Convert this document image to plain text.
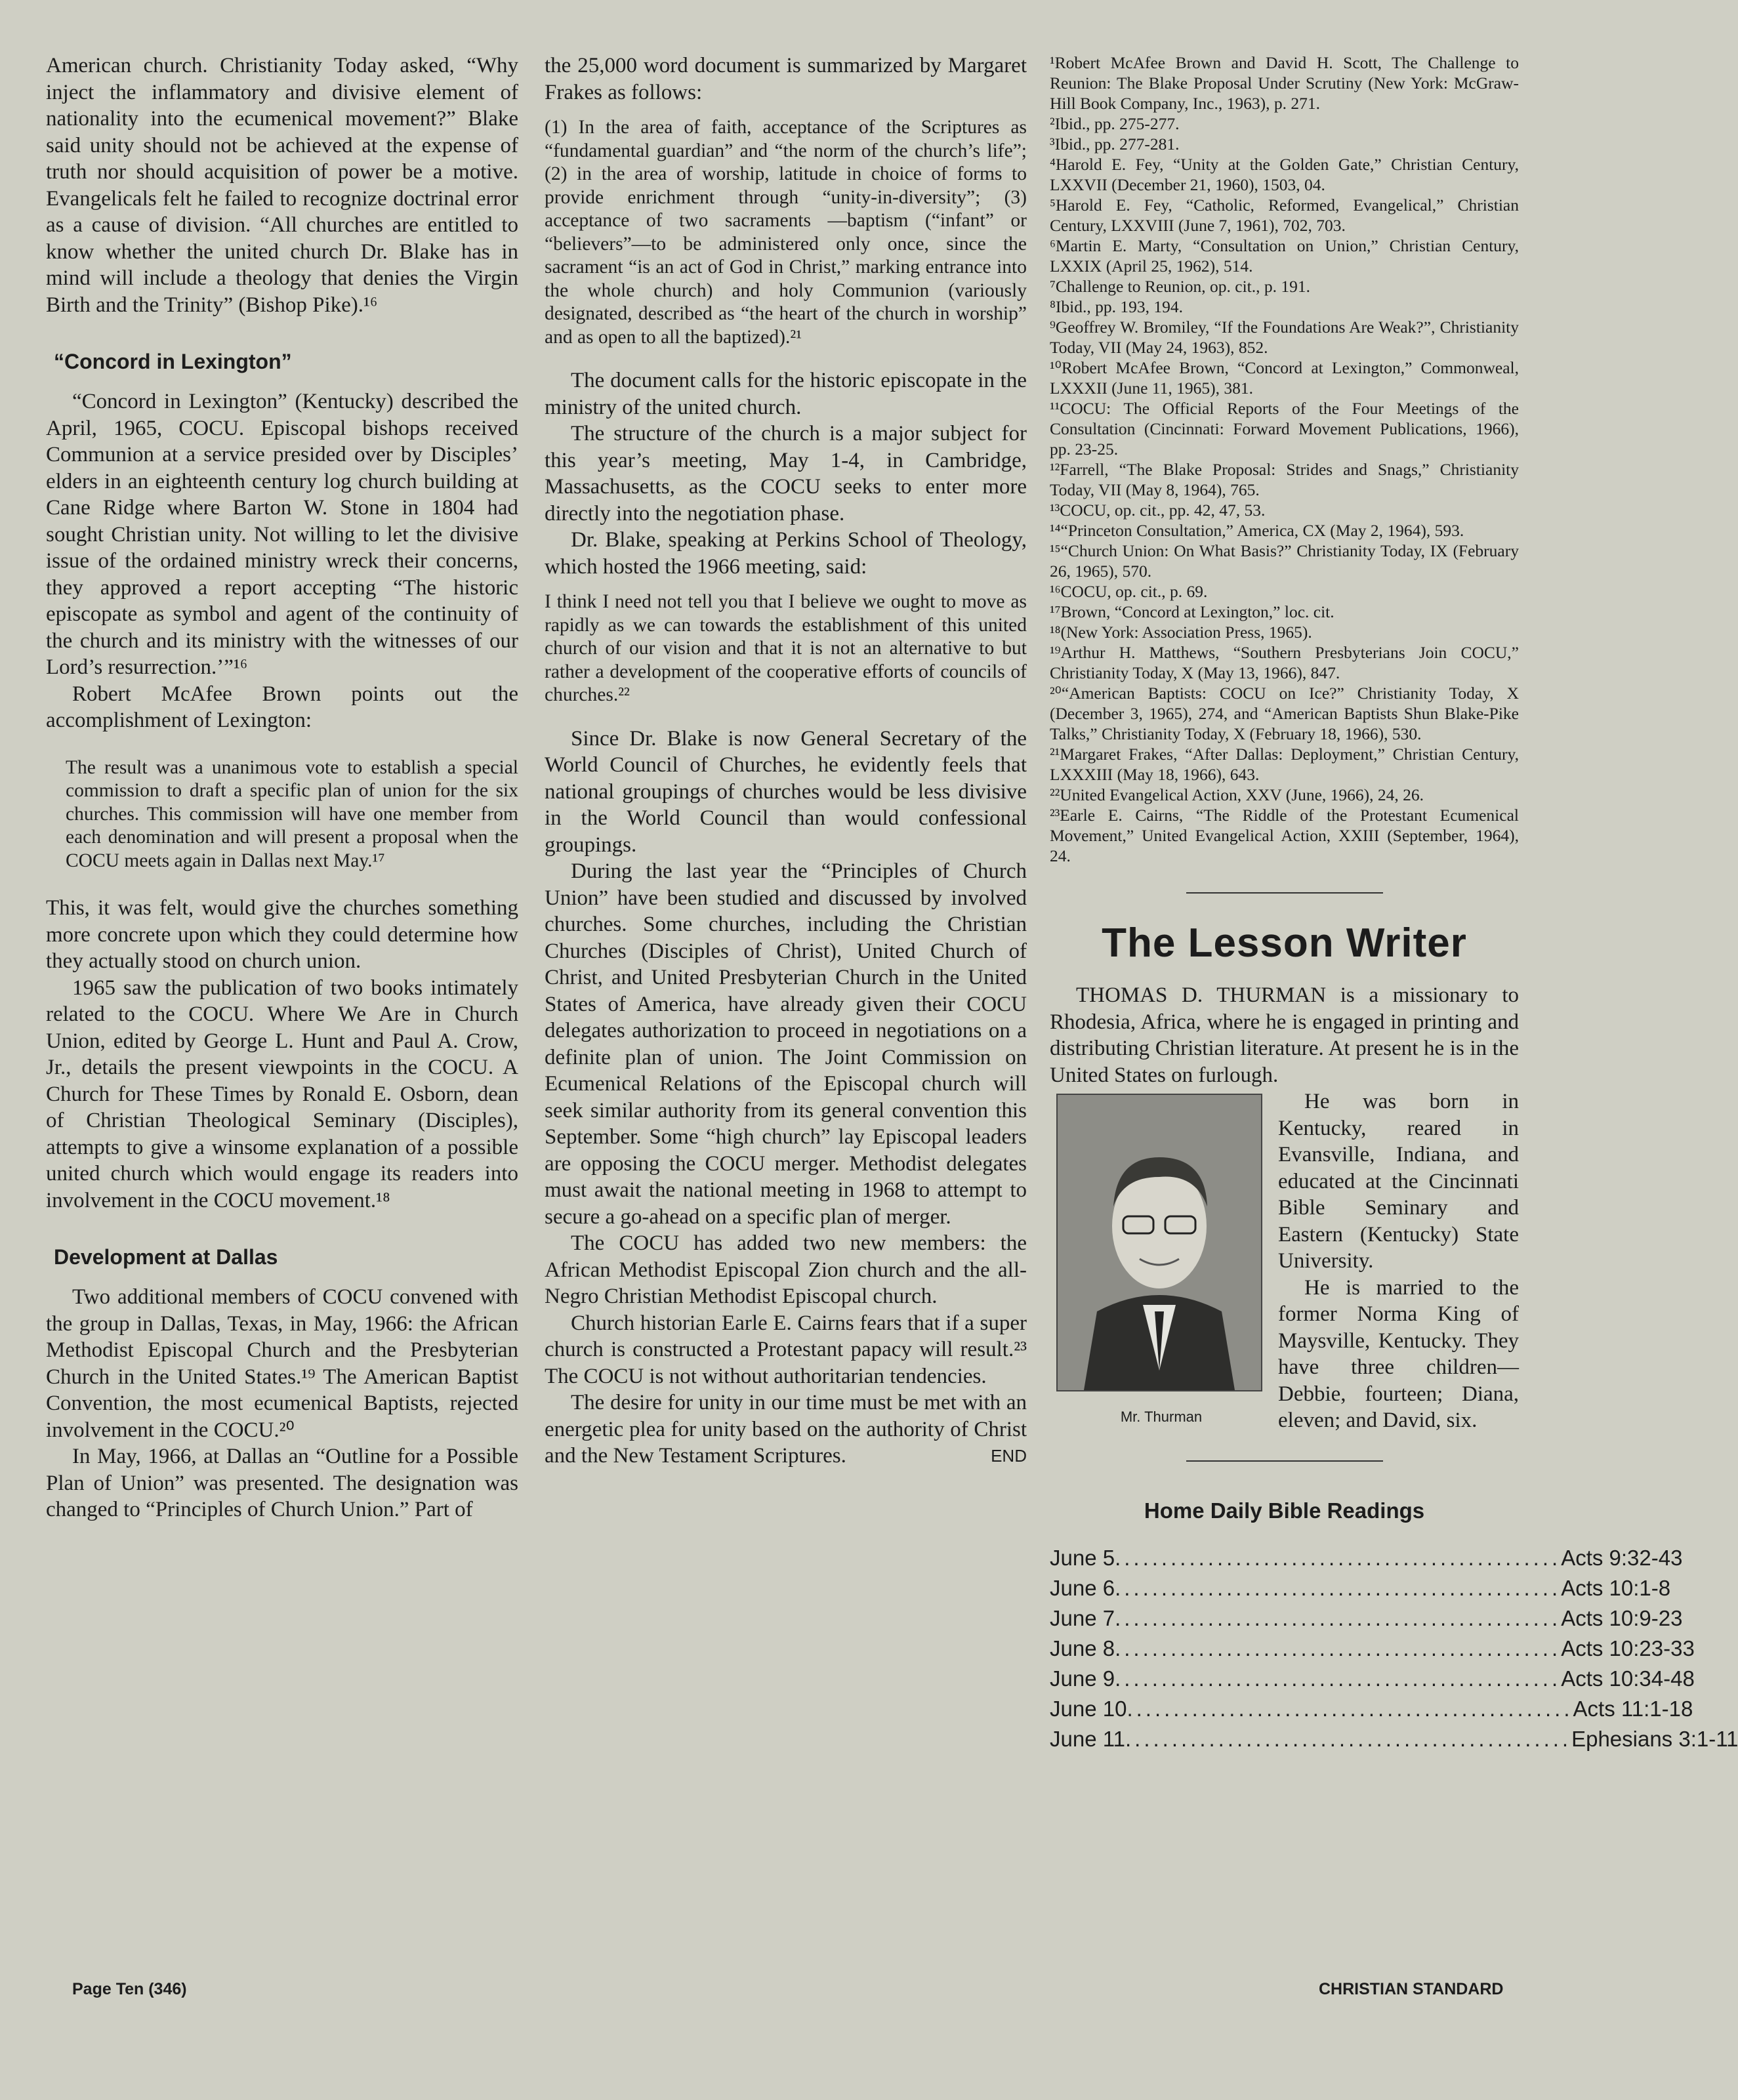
American church. Christianity Today asked, “Why inject the inflammatory and divisive element of nationality into the ecumenical movement?” Blake said unity should not be achieved at the expense of truth nor should acquisition of power be a motive. Evangelicals felt he failed to recognize doctrinal error as a cause of division. “All churches are entitled to know whether the united church Dr. Blake has in mind will include a theology that denies the Virgin Birth and the Trinity” (Bishop Pike).¹⁶

“Concord in Lexington”

“Concord in Lexington” (Kentucky) described the April, 1965, COCU. Episcopal bishops received Communion at a service presided over by Disciples’ elders in an eighteenth century log church building at Cane Ridge where Barton W. Stone in 1804 had sought Christian unity. Not willing to let the divisive issue of the ordained ministry wreck their concerns, they approved a report accepting “The historic episcopate as symbol and agent of the continuity of the church and its ministry with the witnesses of our Lord’s resurrection.’”¹⁶

Robert McAfee Brown points out the accomplishment of Lexington:

The result was a unanimous vote to establish a special commission to draft a specific plan of union for the six churches. This commission will have one member from each denomination and will present a proposal when the COCU meets again in Dallas next May.¹⁷

This, it was felt, would give the churches something more concrete upon which they could determine how they actually stood on church union.

1965 saw the publication of two books intimately related to the COCU. Where We Are in Church Union, edited by George L. Hunt and Paul A. Crow, Jr., details the present viewpoints in the COCU. A Church for These Times by Ronald E. Osborn, dean of Christian Theological Seminary (Disciples), attempts to give a winsome explanation of a possible united church which would engage its readers into involvement in the COCU movement.¹⁸

Development at Dallas

Two additional members of COCU convened with the group in Dallas, Texas, in May, 1966: the African Methodist Episcopal Church and the Presbyterian Church in the United States.¹⁹ The American Baptist Convention, the most ecumenical Baptists, rejected involvement in the COCU.²⁰

In May, 1966, at Dallas an “Outline for a Possible Plan of Union” was presented. The designation was changed to “Principles of Church Union.” Part of

the 25,000 word document is summarized by Margaret Frakes as follows:

(1) In the area of faith, acceptance of the Scriptures as “fundamental guardian” and “the norm of the church’s life”; (2) in the area of worship, latitude in choice of forms to provide enrichment through “unity-in-diversity”; (3) acceptance of two sacraments —baptism (“infant” or “believers”—to be administered only once, since the sacrament “is an act of God in Christ,” marking entrance into the whole church) and holy Communion (variously designated, described as “the heart of the church in worship” and as open to all the baptized).²¹

The document calls for the historic episcopate in the ministry of the united church.

The structure of the church is a major subject for this year’s meeting, May 1-4, in Cambridge, Massachusetts, as the COCU seeks to enter more directly into the negotiation phase.

Dr. Blake, speaking at Perkins School of Theology, which hosted the 1966 meeting, said:

I think I need not tell you that I believe we ought to move as rapidly as we can towards the establishment of this united church of our vision and that it is not an alternative to but rather a development of the cooperative efforts of councils of churches.²²

Since Dr. Blake is now General Secretary of the World Council of Churches, he evidently feels that national groupings of churches would be less divisive in the World Council than would confessional groupings.

During the last year the “Principles of Church Union” have been studied and discussed by involved churches. Some churches, including the Christian Churches (Disciples of Christ), United Church of Christ, and United Presbyterian Church in the United States of America, have already given their COCU delegates authorization to proceed in negotiations on a definite plan of union. The Joint Commission on Ecumenical Relations of the Episcopal church will seek similar authority from its general convention this September. Some “high church” lay Episcopal leaders are opposing the COCU merger. Methodist delegates must await the national meeting in 1968 to attempt to secure a go-ahead on a specific plan of merger.

The COCU has added two new members: the African Methodist Episcopal Zion church and the all-Negro Christian Methodist Episcopal church.

Church historian Earle E. Cairns fears that if a super church is constructed a Protestant papacy will result.²³ The COCU is not without authoritarian tendencies.

The desire for unity in our time must be met with an energetic plea for unity based on the authority of Christ and the New Testament Scriptures.	END

¹Robert McAfee Brown and David H. Scott, The Challenge to Reunion: The Blake Proposal Under Scrutiny (New York: McGraw-Hill Book Company, Inc., 1963), p. 271.

²Ibid., pp. 275-277.

³Ibid., pp. 277-281.

⁴Harold E. Fey, “Unity at the Golden Gate,” Christian Century, LXXVII (December 21, 1960), 1503, 04.

⁵Harold E. Fey, “Catholic, Reformed, Evangelical,” Christian Century, LXXVIII (June 7, 1961), 702, 703.

⁶Martin E. Marty, “Consultation on Union,” Christian Century, LXXIX (April 25, 1962), 514.

⁷Challenge to Reunion, op. cit., p. 191.

⁸Ibid., pp. 193, 194.

⁹Geoffrey W. Bromiley, “If the Foundations Are Weak?”, Christianity Today, VII (May 24, 1963), 852.

¹⁰Robert McAfee Brown, “Concord at Lexington,” Commonweal, LXXXII (June 11, 1965), 381.

¹¹COCU: The Official Reports of the Four Meetings of the Consultation (Cincinnati: Forward Movement Publications, 1966), pp. 23-25.

¹²Farrell, “The Blake Proposal: Strides and Snags,” Christianity Today, VII (May 8, 1964), 765.

¹³COCU, op. cit., pp. 42, 47, 53.

¹⁴“Princeton Consultation,” America, CX (May 2, 1964), 593.

¹⁵“Church Union: On What Basis?” Christianity Today, IX (February 26, 1965), 570.

¹⁶COCU, op. cit., p. 69.

¹⁷Brown, “Concord at Lexington,” loc. cit.

¹⁸(New York: Association Press, 1965).

¹⁹Arthur H. Matthews, “Southern Presbyterians Join COCU,” Christianity Today, X (May 13, 1966), 847.

²⁰“American Baptists: COCU on Ice?” Christianity Today, X (December 3, 1965), 274, and “American Baptists Shun Blake-Pike Talks,” Christianity Today, X (February 18, 1966), 530.

²¹Margaret Frakes, “After Dallas: Deployment,” Christian Century, LXXXIII (May 18, 1966), 643.

²²United Evangelical Action, XXV (June, 1966), 24, 26.

²³Earle E. Cairns, “The Riddle of the Protestant Ecumenical Movement,” United Evangelical Action, XXIII (September, 1964), 24.

The Lesson Writer

THOMAS D. THURMAN is a missionary to Rhodesia, Africa, where he is engaged in printing and distributing Christian literature. At present he is in the United States on furlough.

Mr. Thurman

He was born in Kentucky, reared in Evansville, Indiana, and educated at the Cincinnati Bible Seminary and Eastern (Kentucky) State University.

He is married to the former Norma King of Maysville, Kentucky. They have three children—Debbie, fourteen; Diana, eleven; and David, six.

Home Daily Bible Readings
June 5 ................................................ Acts 9:32-43
June 6 ................................................ Acts 10:1-8
June 7 ................................................ Acts 10:9-23
June 8 ................................................ Acts 10:23-33
June 9 ................................................ Acts 10:34-48
June 10 ................................................ Acts 11:1-18
June 11 ................................................ Ephesians 3:1-11
Page Ten (346)	CHRISTIAN STANDARD
